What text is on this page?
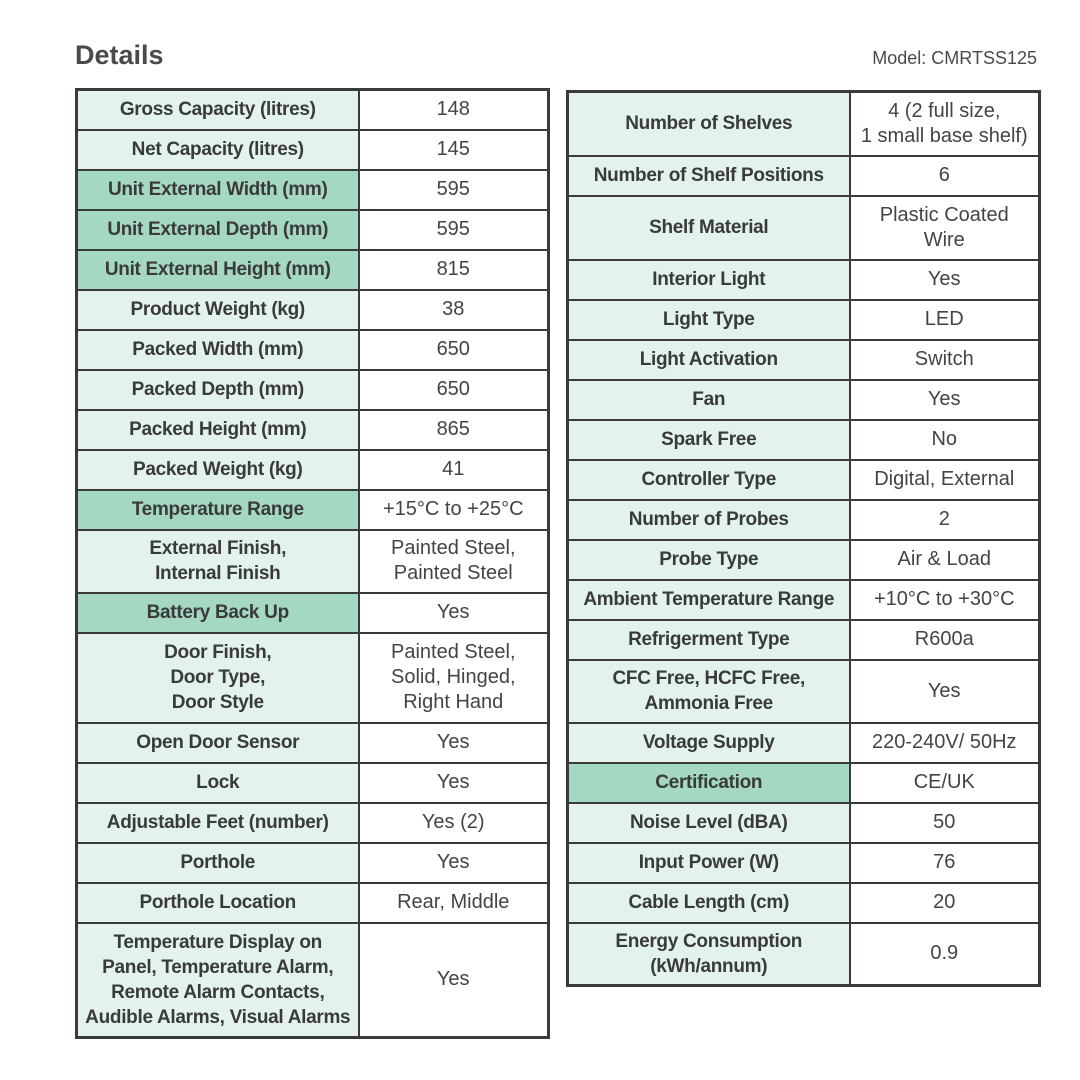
Details	Model: CMRTSS125
Gross Capacity (litres)	148
Net Capacity (litres)	145
Unit External Width (mm)	595
Unit External Depth (mm)	595
Unit External Height (mm)	815
Product Weight (kg)	38
Packed Width (mm)	650
Packed Depth (mm)	650
Packed Height (mm)	865
Packed Weight (kg)	41
Temperature Range	+15°C to +25°C
External Finish,
Internal Finish	Painted Steel,
Painted Steel
Battery Back Up	Yes
Door Finish,
Door Type,
Door Style	Painted Steel,
Solid, Hinged,
Right Hand
Open Door Sensor	Yes
Lock	Yes
Adjustable Feet (number)	Yes (2)
Porthole	Yes
Porthole Location	Rear, Middle
Temperature Display on
Panel, Temperature Alarm,
Remote Alarm Contacts,
Audible Alarms, Visual Alarms	Yes
Number of Shelves	4 (2 full size,
1 small base shelf)
Number of Shelf Positions	6
Shelf Material	Plastic Coated
Wire
Interior Light	Yes
Light Type	LED
Light Activation	Switch
Fan	Yes
Spark Free	No
Controller Type	Digital, External
Number of Probes	2
Probe Type	Air & Load
Ambient Temperature Range	+10°C to +30°C
Refrigerment Type	R600a
CFC Free, HCFC Free,
Ammonia Free	Yes
Voltage Supply	220-240V/ 50Hz
Certification	CE/UK
Noise Level (dBA)	50
Input Power (W)	76
Cable Length (cm)	20
Energy Consumption
(kWh/annum)	0.9
